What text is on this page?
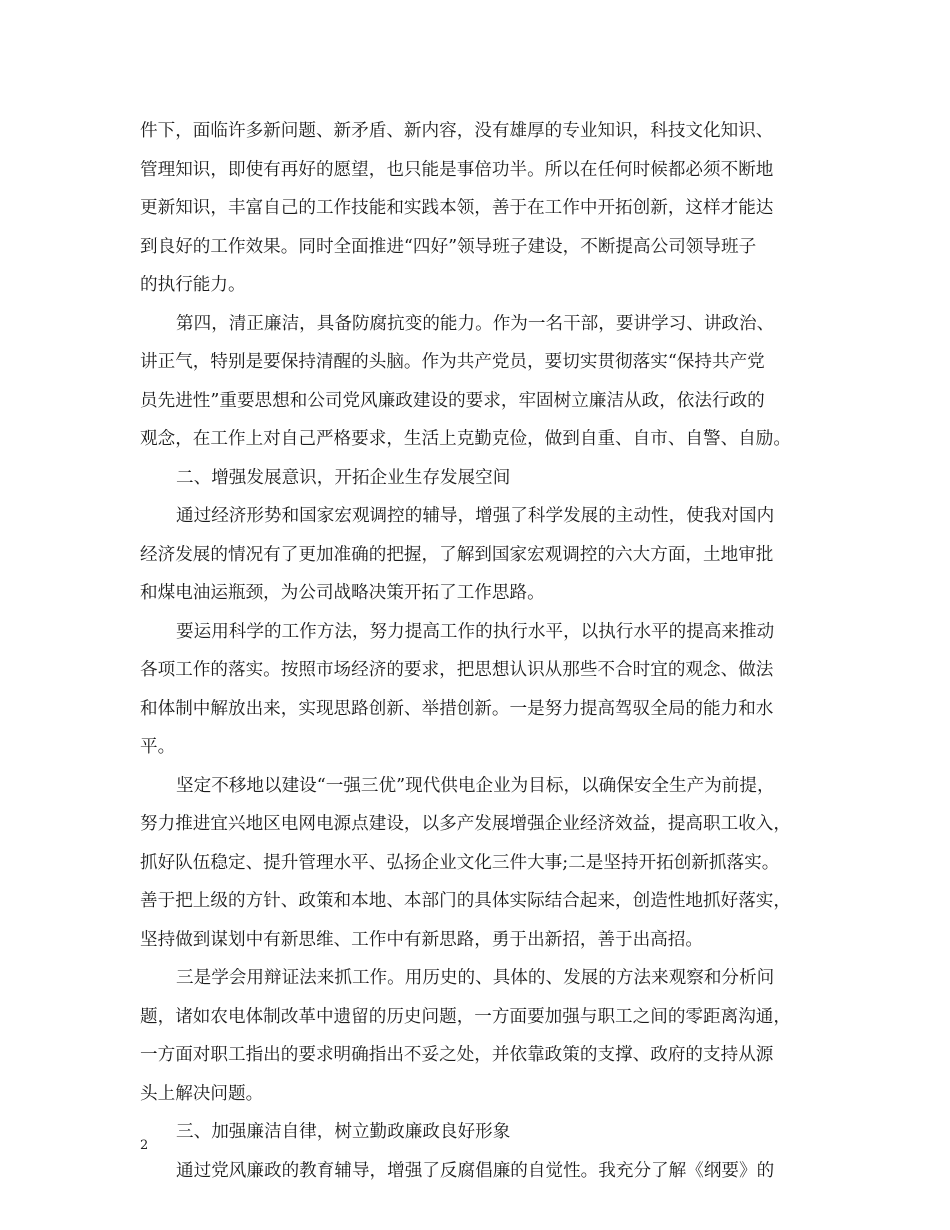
件下，面临许多新问题、新矛盾、新内容，没有雄厚的专业知识，科技文化知识、
管理知识，即使有再好的愿望，也只能是事倍功半。所以在任何时候都必须不断地
更新知识，丰富自己的工作技能和实践本领，善于在工作中开拓创新，这样才能达
到良好的工作效果。同时全面推进“四好”领导班子建设，不断提高公司领导班子
的执行能力。
第四，清正廉洁，具备防腐抗变的能力。作为一名干部，要讲学习、讲政治、
讲正气，特别是要保持清醒的头脑。作为共产党员，要切实贯彻落实“保持共产党
员先进性”重要思想和公司党风廉政建设的要求，牢固树立廉洁从政，依法行政的
观念，在工作上对自己严格要求，生活上克勤克俭，做到自重、自市、自警、自励。
二、增强发展意识，开拓企业生存发展空间
通过经济形势和国家宏观调控的辅导，增强了科学发展的主动性，使我对国内
经济发展的情况有了更加准确的把握，了解到国家宏观调控的六大方面，土地审批
和煤电油运瓶颈，为公司战略决策开拓了工作思路。
要运用科学的工作方法，努力提高工作的执行水平，以执行水平的提高来推动
各项工作的落实。按照市场经济的要求，把思想认识从那些不合时宜的观念、做法
和体制中解放出来，实现思路创新、举措创新。一是努力提高驾驭全局的能力和水
平。
坚定不移地以建设“一强三优”现代供电企业为目标，以确保安全生产为前提，
努力推进宜兴地区电网电源点建设，以多产发展增强企业经济效益，提高职工收入，
抓好队伍稳定、提升管理水平、弘扬企业文化三件大事;二是坚持开拓创新抓落实。
善于把上级的方针、政策和本地、本部门的具体实际结合起来，创造性地抓好落实，
坚持做到谋划中有新思维、工作中有新思路，勇于出新招，善于出高招。
三是学会用辩证法来抓工作。用历史的、具体的、发展的方法来观察和分析问
题，诸如农电体制改革中遗留的历史问题，一方面要加强与职工之间的零距离沟通，
一方面对职工指出的要求明确指出不妥之处，并依靠政策的支撑、政府的支持从源
头上解决问题。
三、加强廉洁自律，树立勤政廉政良好形象
通过党风廉政的教育辅导，增强了反腐倡廉的自觉性。我充分了解《纲要》的
2
